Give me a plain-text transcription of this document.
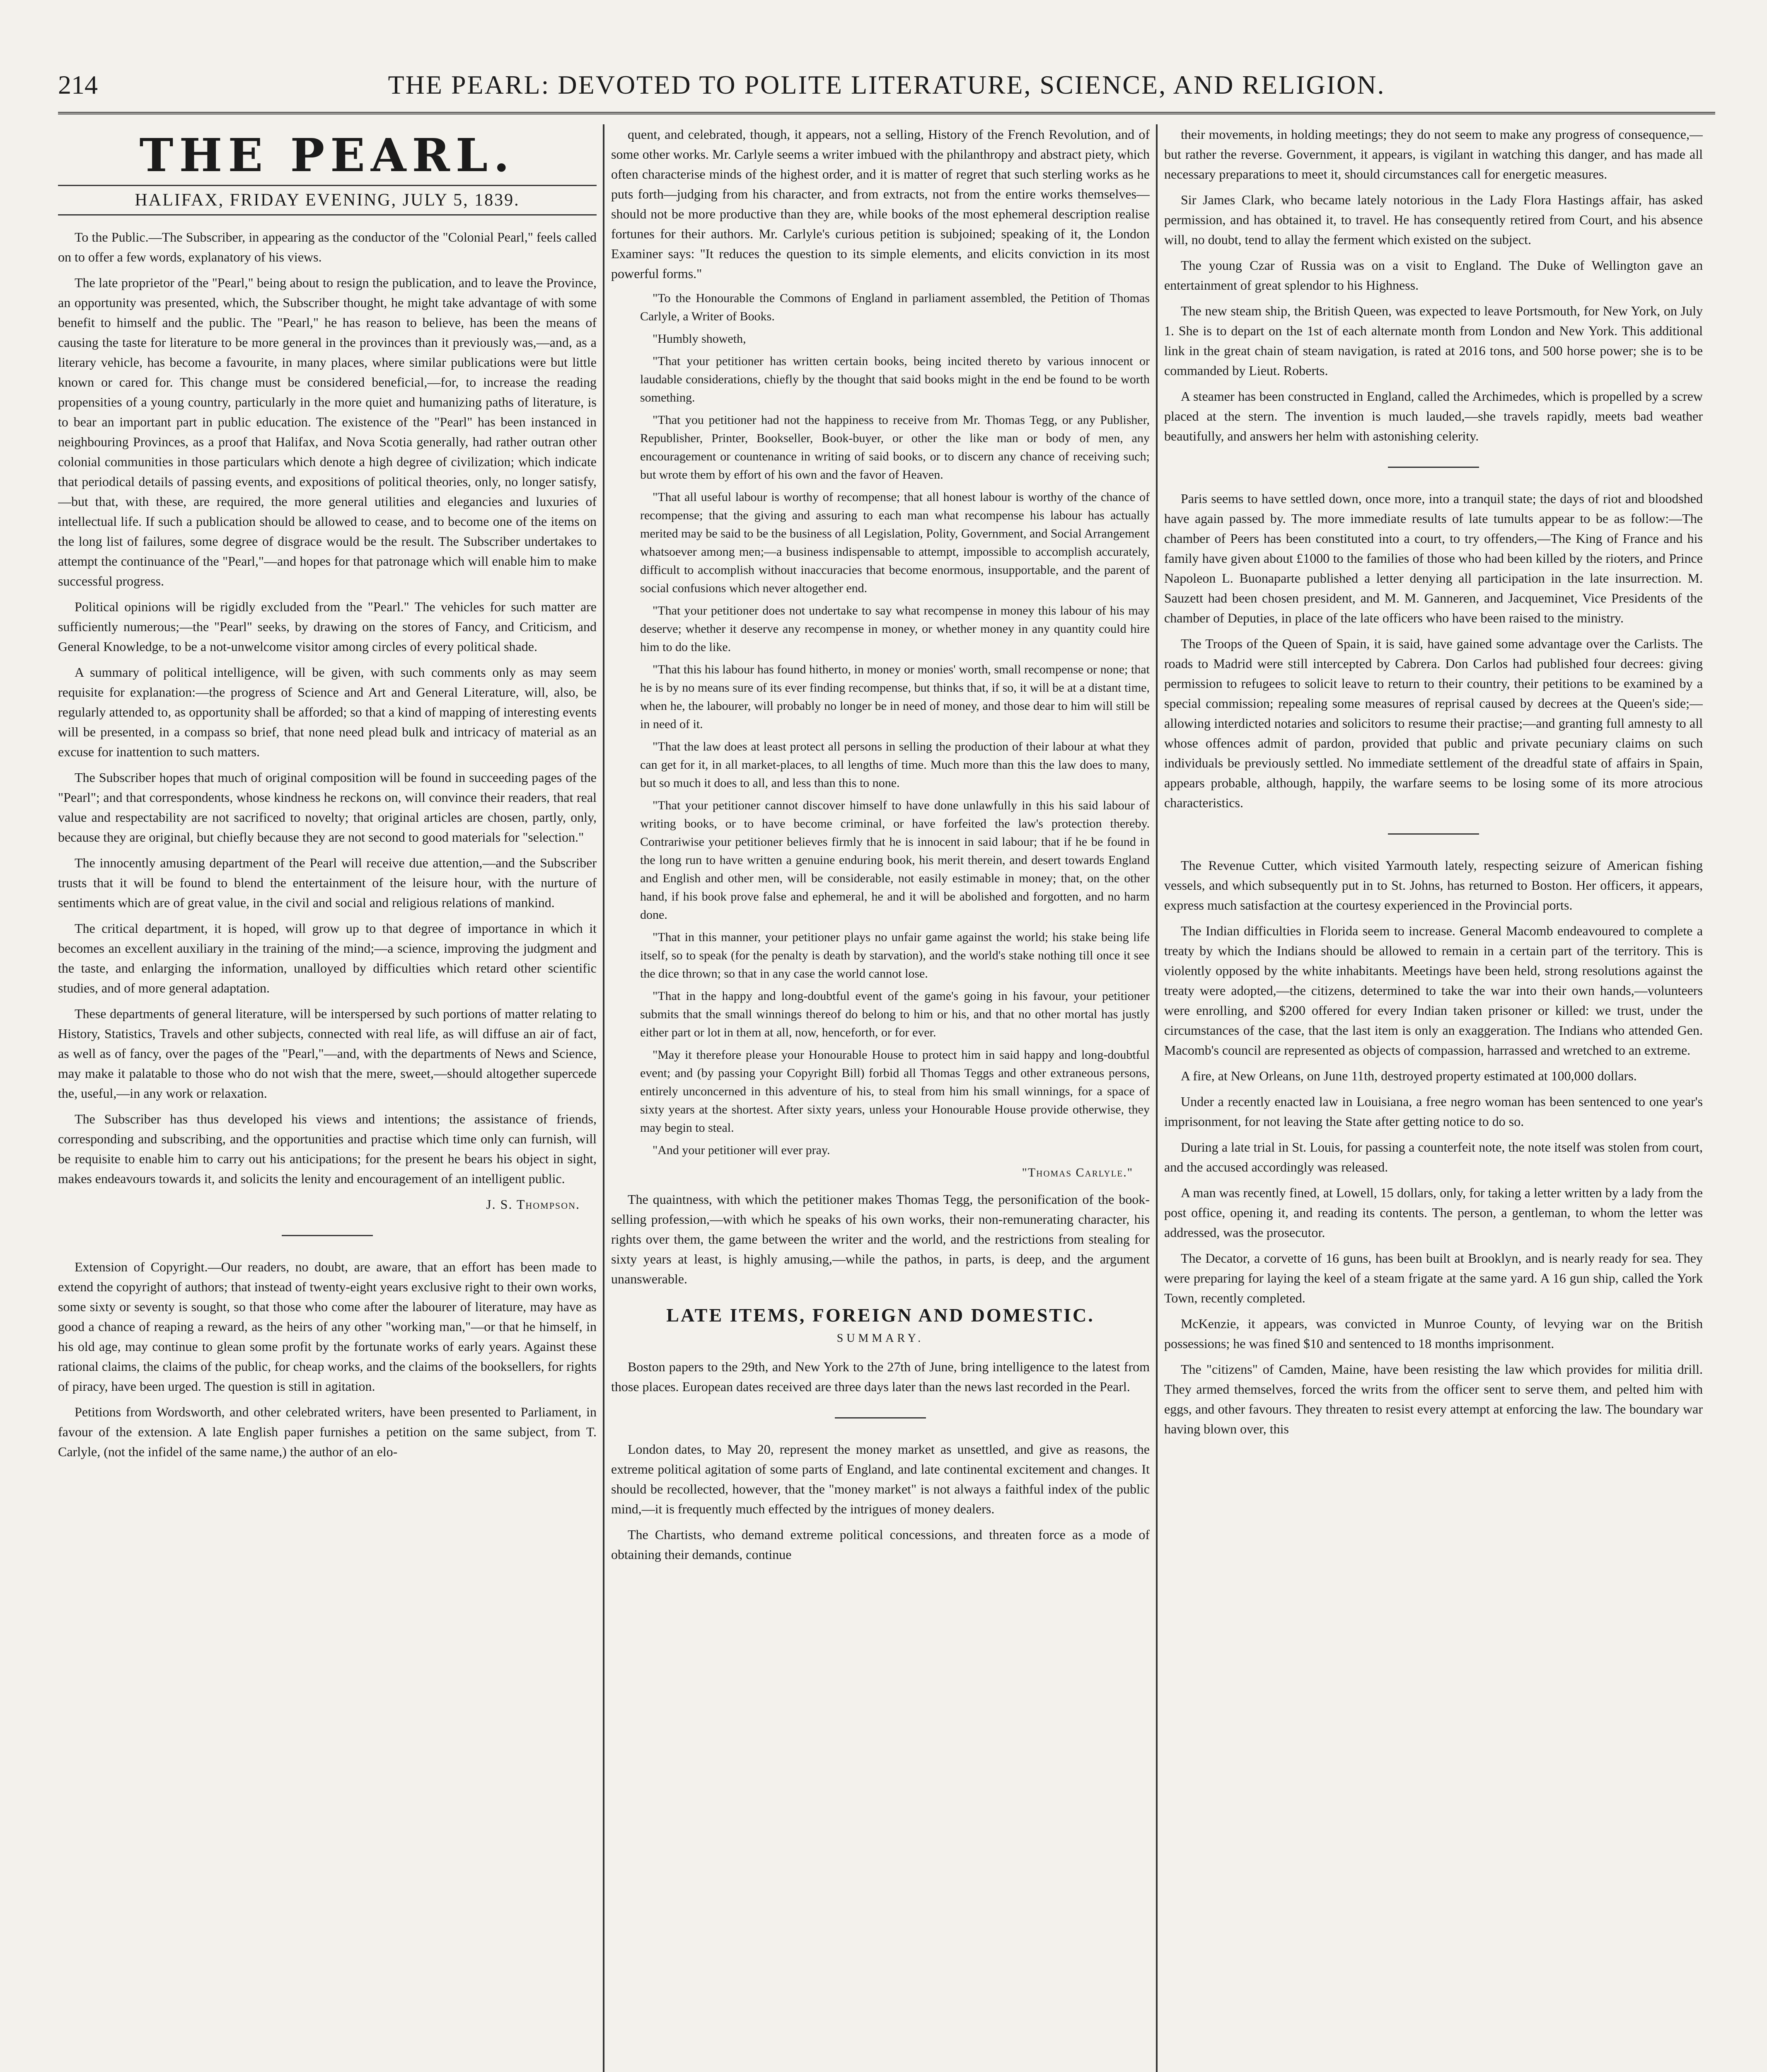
214	THE PEARL: DEVOTED TO POLITE LITERATURE, SCIENCE, AND RELIGION.
THE PEARL.
HALIFAX, FRIDAY EVENING, JULY 5, 1839.

To the Public.—The Subscriber, in appearing as the conductor of the "Colonial Pearl," feels called on to offer a few words, explanatory of his views.

The late proprietor of the "Pearl," being about to resign the publication, and to leave the Province, an opportunity was presented, which, the Subscriber thought, he might take advantage of with some benefit to himself and the public. The "Pearl," he has reason to believe, has been the means of causing the taste for literature to be more general in the provinces than it previously was,—and, as a literary vehicle, has become a favourite, in many places, where similar publications were but little known or cared for. This change must be considered beneficial,—for, to increase the reading propensities of a young country, particularly in the more quiet and humanizing paths of literature, is to bear an important part in public education. The existence of the "Pearl" has been instanced in neighbouring Provinces, as a proof that Halifax, and Nova Scotia generally, had rather outran other colonial communities in those particulars which denote a high degree of civilization; which indicate that periodical details of passing events, and expositions of political theories, only, no longer satisfy,—but that, with these, are required, the more general utilities and elegancies and luxuries of intellectual life. If such a publication should be allowed to cease, and to become one of the items on the long list of failures, some degree of disgrace would be the result. The Subscriber undertakes to attempt the continuance of the "Pearl,"—and hopes for that patronage which will enable him to make successful progress.

Political opinions will be rigidly excluded from the "Pearl." The vehicles for such matter are sufficiently numerous;—the "Pearl" seeks, by drawing on the stores of Fancy, and Criticism, and General Knowledge, to be a not-unwelcome visitor among circles of every political shade.

A summary of political intelligence, will be given, with such comments only as may seem requisite for explanation:—the progress of Science and Art and General Literature, will, also, be regularly attended to, as opportunity shall be afforded; so that a kind of mapping of interesting events will be presented, in a compass so brief, that none need plead bulk and intricacy of material as an excuse for inattention to such matters.

The Subscriber hopes that much of original composition will be found in succeeding pages of the "Pearl"; and that correspondents, whose kindness he reckons on, will convince their readers, that real value and respectability are not sacrificed to novelty; that original articles are chosen, partly, only, because they are original, but chiefly because they are not second to good materials for "selection."

The innocently amusing department of the Pearl will receive due attention,—and the Subscriber trusts that it will be found to blend the entertainment of the leisure hour, with the nurture of sentiments which are of great value, in the civil and social and religious relations of mankind.

The critical department, it is hoped, will grow up to that degree of importance in which it becomes an excellent auxiliary in the training of the mind;—a science, improving the judgment and the taste, and enlarging the information, unalloyed by difficulties which retard other scientific studies, and of more general adaptation.

These departments of general literature, will be interspersed by such portions of matter relating to History, Statistics, Travels and other subjects, connected with real life, as will diffuse an air of fact, as well as of fancy, over the pages of the "Pearl,"—and, with the departments of News and Science, may make it palatable to those who do not wish that the mere, sweet,—should altogether supercede the, useful,—in any work or relaxation.

The Subscriber has thus developed his views and intentions; the assistance of friends, corresponding and subscribing, and the opportunities and practise which time only can furnish, will be requisite to enable him to carry out his anticipations; for the present he bears his object in sight, makes endeavours towards it, and solicits the lenity and encouragement of an intelligent public.

J. S. Thompson.

Extension of Copyright.—Our readers, no doubt, are aware, that an effort has been made to extend the copyright of authors; that instead of twenty-eight years exclusive right to their own works, some sixty or seventy is sought, so that those who come after the labourer of literature, may have as good a chance of reaping a reward, as the heirs of any other "working man,"—or that he himself, in his old age, may continue to glean some profit by the fortunate works of early years. Against these rational claims, the claims of the public, for cheap works, and the claims of the booksellers, for rights of piracy, have been urged. The question is still in agitation.

Petitions from Wordsworth, and other celebrated writers, have been presented to Parliament, in favour of the extension. A late English paper furnishes a petition on the same subject, from T. Carlyle, (not the infidel of the same name,) the author of an elo-

quent, and celebrated, though, it appears, not a selling, History of the French Revolution, and of some other works. Mr. Carlyle seems a writer imbued with the philanthropy and abstract piety, which often characterise minds of the highest order, and it is matter of regret that such sterling works as he puts forth—judging from his character, and from extracts, not from the entire works themselves—should not be more productive than they are, while books of the most ephemeral description realise fortunes for their authors. Mr. Carlyle's curious petition is subjoined; speaking of it, the London Examiner says: "It reduces the question to its simple elements, and elicits conviction in its most powerful forms."

"To the Honourable the Commons of England in parliament assembled, the Petition of Thomas Carlyle, a Writer of Books.

"Humbly showeth,

"That your petitioner has written certain books, being incited thereto by various innocent or laudable considerations, chiefly by the thought that said books might in the end be found to be worth something.

"That you petitioner had not the happiness to receive from Mr. Thomas Tegg, or any Publisher, Republisher, Printer, Bookseller, Book-buyer, or other the like man or body of men, any encouragement or countenance in writing of said books, or to discern any chance of receiving such; but wrote them by effort of his own and the favor of Heaven.

"That all useful labour is worthy of recompense; that all honest labour is worthy of the chance of recompense; that the giving and assuring to each man what recompense his labour has actually merited may be said to be the business of all Legislation, Polity, Government, and Social Arrangement whatsoever among men;—a business indispensable to attempt, impossible to accomplish accurately, difficult to accomplish without inaccuracies that become enormous, insupportable, and the parent of social confusions which never altogether end.

"That your petitioner does not undertake to say what recompense in money this labour of his may deserve; whether it deserve any recompense in money, or whether money in any quantity could hire him to do the like.

"That this his labour has found hitherto, in money or monies' worth, small recompense or none; that he is by no means sure of its ever finding recompense, but thinks that, if so, it will be at a distant time, when he, the labourer, will probably no longer be in need of money, and those dear to him will still be in need of it.

"That the law does at least protect all persons in selling the production of their labour at what they can get for it, in all market-places, to all lengths of time. Much more than this the law does to many, but so much it does to all, and less than this to none.

"That your petitioner cannot discover himself to have done unlawfully in this his said labour of writing books, or to have become criminal, or have forfeited the law's protection thereby. Contrariwise your petitioner believes firmly that he is innocent in said labour; that if he be found in the long run to have written a genuine enduring book, his merit therein, and desert towards England and English and other men, will be considerable, not easily estimable in money; that, on the other hand, if his book prove false and ephemeral, he and it will be abolished and forgotten, and no harm done.

"That in this manner, your petitioner plays no unfair game against the world; his stake being life itself, so to speak (for the penalty is death by starvation), and the world's stake nothing till once it see the dice thrown; so that in any case the world cannot lose.

"That in the happy and long-doubtful event of the game's going in his favour, your petitioner submits that the small winnings thereof do belong to him or his, and that no other mortal has justly either part or lot in them at all, now, henceforth, or for ever.

"May it therefore please your Honourable House to protect him in said happy and long-doubtful event; and (by passing your Copyright Bill) forbid all Thomas Teggs and other extraneous persons, entirely unconcerned in this adventure of his, to steal from him his small winnings, for a space of sixty years at the shortest. After sixty years, unless your Honourable House provide otherwise, they may begin to steal.

"And your petitioner will ever pray.

"Thomas Carlyle."

The quaintness, with which the petitioner makes Thomas Tegg, the personification of the book-selling profession,—with which he speaks of his own works, their non-remunerating character, his rights over them, the game between the writer and the world, and the restrictions from stealing for sixty years at least, is highly amusing,—while the pathos, in parts, is deep, and the argument unanswerable.

LATE ITEMS, FOREIGN AND DOMESTIC.
SUMMARY.

Boston papers to the 29th, and New York to the 27th of June, bring intelligence to the latest from those places. European dates received are three days later than the news last recorded in the Pearl.

London dates, to May 20, represent the money market as unsettled, and give as reasons, the extreme political agitation of some parts of England, and late continental excitement and changes. It should be recollected, however, that the "money market" is not always a faithful index of the public mind,—it is frequently much effected by the intrigues of money dealers.

The Chartists, who demand extreme political concessions, and threaten force as a mode of obtaining their demands, continue

their movements, in holding meetings; they do not seem to make any progress of consequence,—but rather the reverse. Government, it appears, is vigilant in watching this danger, and has made all necessary preparations to meet it, should circumstances call for energetic measures.

Sir James Clark, who became lately notorious in the Lady Flora Hastings affair, has asked permission, and has obtained it, to travel. He has consequently retired from Court, and his absence will, no doubt, tend to allay the ferment which existed on the subject.

The young Czar of Russia was on a visit to England. The Duke of Wellington gave an entertainment of great splendor to his Highness.

The new steam ship, the British Queen, was expected to leave Portsmouth, for New York, on July 1. She is to depart on the 1st of each alternate month from London and New York. This additional link in the great chain of steam navigation, is rated at 2016 tons, and 500 horse power; she is to be commanded by Lieut. Roberts.

A steamer has been constructed in England, called the Archimedes, which is propelled by a screw placed at the stern. The invention is much lauded,—she travels rapidly, meets bad weather beautifully, and answers her helm with astonishing celerity.

Paris seems to have settled down, once more, into a tranquil state; the days of riot and bloodshed have again passed by. The more immediate results of late tumults appear to be as follow:—The chamber of Peers has been constituted into a court, to try offenders,—The King of France and his family have given about £1000 to the families of those who had been killed by the rioters, and Prince Napoleon L. Buonaparte published a letter denying all participation in the late insurrection. M. Sauzett had been chosen president, and M. M. Ganneren, and Jacqueminet, Vice Presidents of the chamber of Deputies, in place of the late officers who have been raised to the ministry.

The Troops of the Queen of Spain, it is said, have gained some advantage over the Carlists. The roads to Madrid were still intercepted by Cabrera. Don Carlos had published four decrees: giving permission to refugees to solicit leave to return to their country, their petitions to be examined by a special commission; repealing some measures of reprisal caused by decrees at the Queen's side;—allowing interdicted notaries and solicitors to resume their practise;—and granting full amnesty to all whose offences admit of pardon, provided that public and private pecuniary claims on such individuals be previously settled. No immediate settlement of the dreadful state of affairs in Spain, appears probable, although, happily, the warfare seems to be losing some of its more atrocious characteristics.

The Revenue Cutter, which visited Yarmouth lately, respecting seizure of American fishing vessels, and which subsequently put in to St. Johns, has returned to Boston. Her officers, it appears, express much satisfaction at the courtesy experienced in the Provincial ports.

The Indian difficulties in Florida seem to increase. General Macomb endeavoured to complete a treaty by which the Indians should be allowed to remain in a certain part of the territory. This is violently opposed by the white inhabitants. Meetings have been held, strong resolutions against the treaty were adopted,—the citizens, determined to take the war into their own hands,—volunteers were enrolling, and $200 offered for every Indian taken prisoner or killed: we trust, under the circumstances of the case, that the last item is only an exaggeration. The Indians who attended Gen. Macomb's council are represented as objects of compassion, harrassed and wretched to an extreme.

A fire, at New Orleans, on June 11th, destroyed property estimated at 100,000 dollars.

Under a recently enacted law in Louisiana, a free negro woman has been sentenced to one year's imprisonment, for not leaving the State after getting notice to do so.

During a late trial in St. Louis, for passing a counterfeit note, the note itself was stolen from court, and the accused accordingly was released.

A man was recently fined, at Lowell, 15 dollars, only, for taking a letter written by a lady from the post office, opening it, and reading its contents. The person, a gentleman, to whom the letter was addressed, was the prosecutor.

The Decator, a corvette of 16 guns, has been built at Brooklyn, and is nearly ready for sea. They were preparing for laying the keel of a steam frigate at the same yard. A 16 gun ship, called the York Town, recently completed.

McKenzie, it appears, was convicted in Munroe County, of levying war on the British possessions; he was fined $10 and sentenced to 18 months imprisonment.

The "citizens" of Camden, Maine, have been resisting the law which provides for militia drill. They armed themselves, forced the writs from the officer sent to serve them, and pelted him with eggs, and other favours. They threaten to resist every attempt at enforcing the law. The boundary war having blown over, this
